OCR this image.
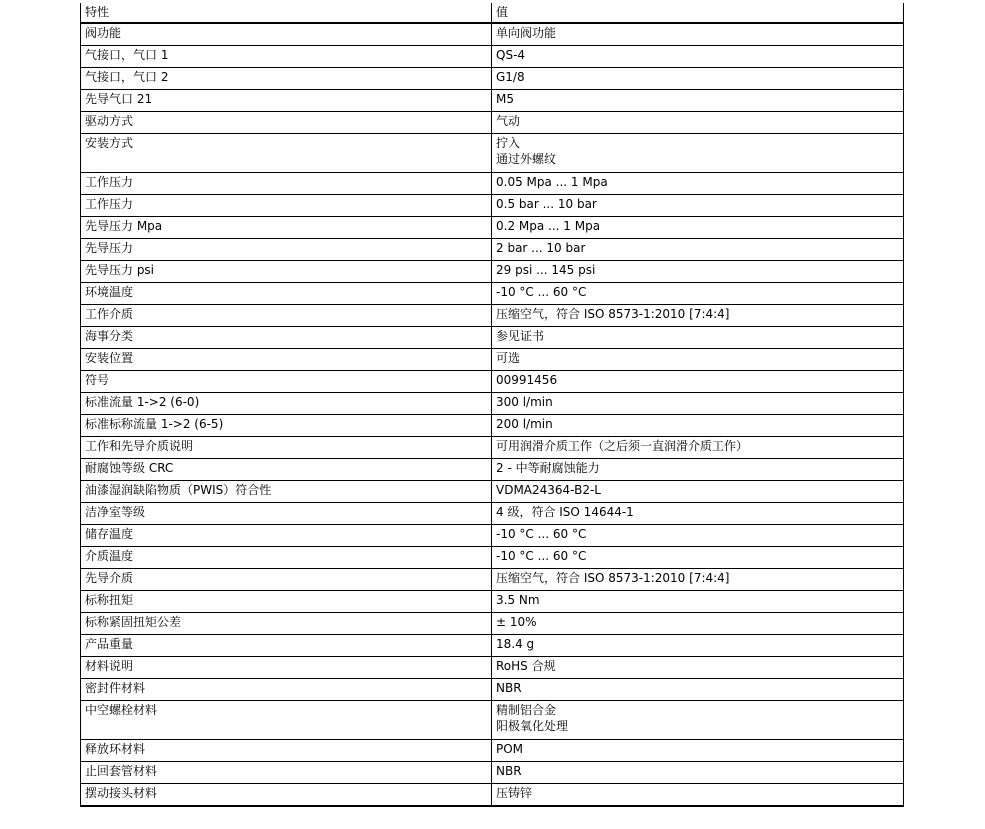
特性	值
阀功能	单向阀功能

气接口，气口 1	QS-4

气接口，气口 2	G1/8

先导气口 21	M5

驱动方式	气动

安装方式	拧入
通过外螺纹

工作压力	0.05 Mpa ... 1 Mpa

工作压力	0.5 bar ... 10 bar

先导压力 Mpa	0.2 Mpa ... 1 Mpa

先导压力	2 bar ... 10 bar

先导压力 psi	29 psi ... 145 psi

环境温度	-10 °C ... 60 °C

工作介质	压缩空气，符合 ISO 8573-1:2010 [7:4:4]

海事分类	参见证书

安装位置	可选

符号	00991456

标准流量 1->2 (6-0)	300 l/min

标准标称流量 1->2 (6-5)	200 l/min

工作和先导介质说明	可用润滑介质工作（之后须一直润滑介质工作）

耐腐蚀等级 CRC	2 - 中等耐腐蚀能力

油漆湿润缺陷物质（PWIS）符合性	VDMA24364-B2-L

洁净室等级	4 级，符合 ISO 14644-1

储存温度	-10 °C ... 60 °C

介质温度	-10 °C ... 60 °C

先导介质	压缩空气，符合 ISO 8573-1:2010 [7:4:4]

标称扭矩	3.5 Nm

标称紧固扭矩公差	± 10%

产品重量	18.4 g

材料说明	RoHS 合规

密封件材料	NBR

中空螺栓材料	精制铝合金
阳极氧化处理

释放环材料	POM

止回套管材料	NBR

摆动接头材料	压铸锌
